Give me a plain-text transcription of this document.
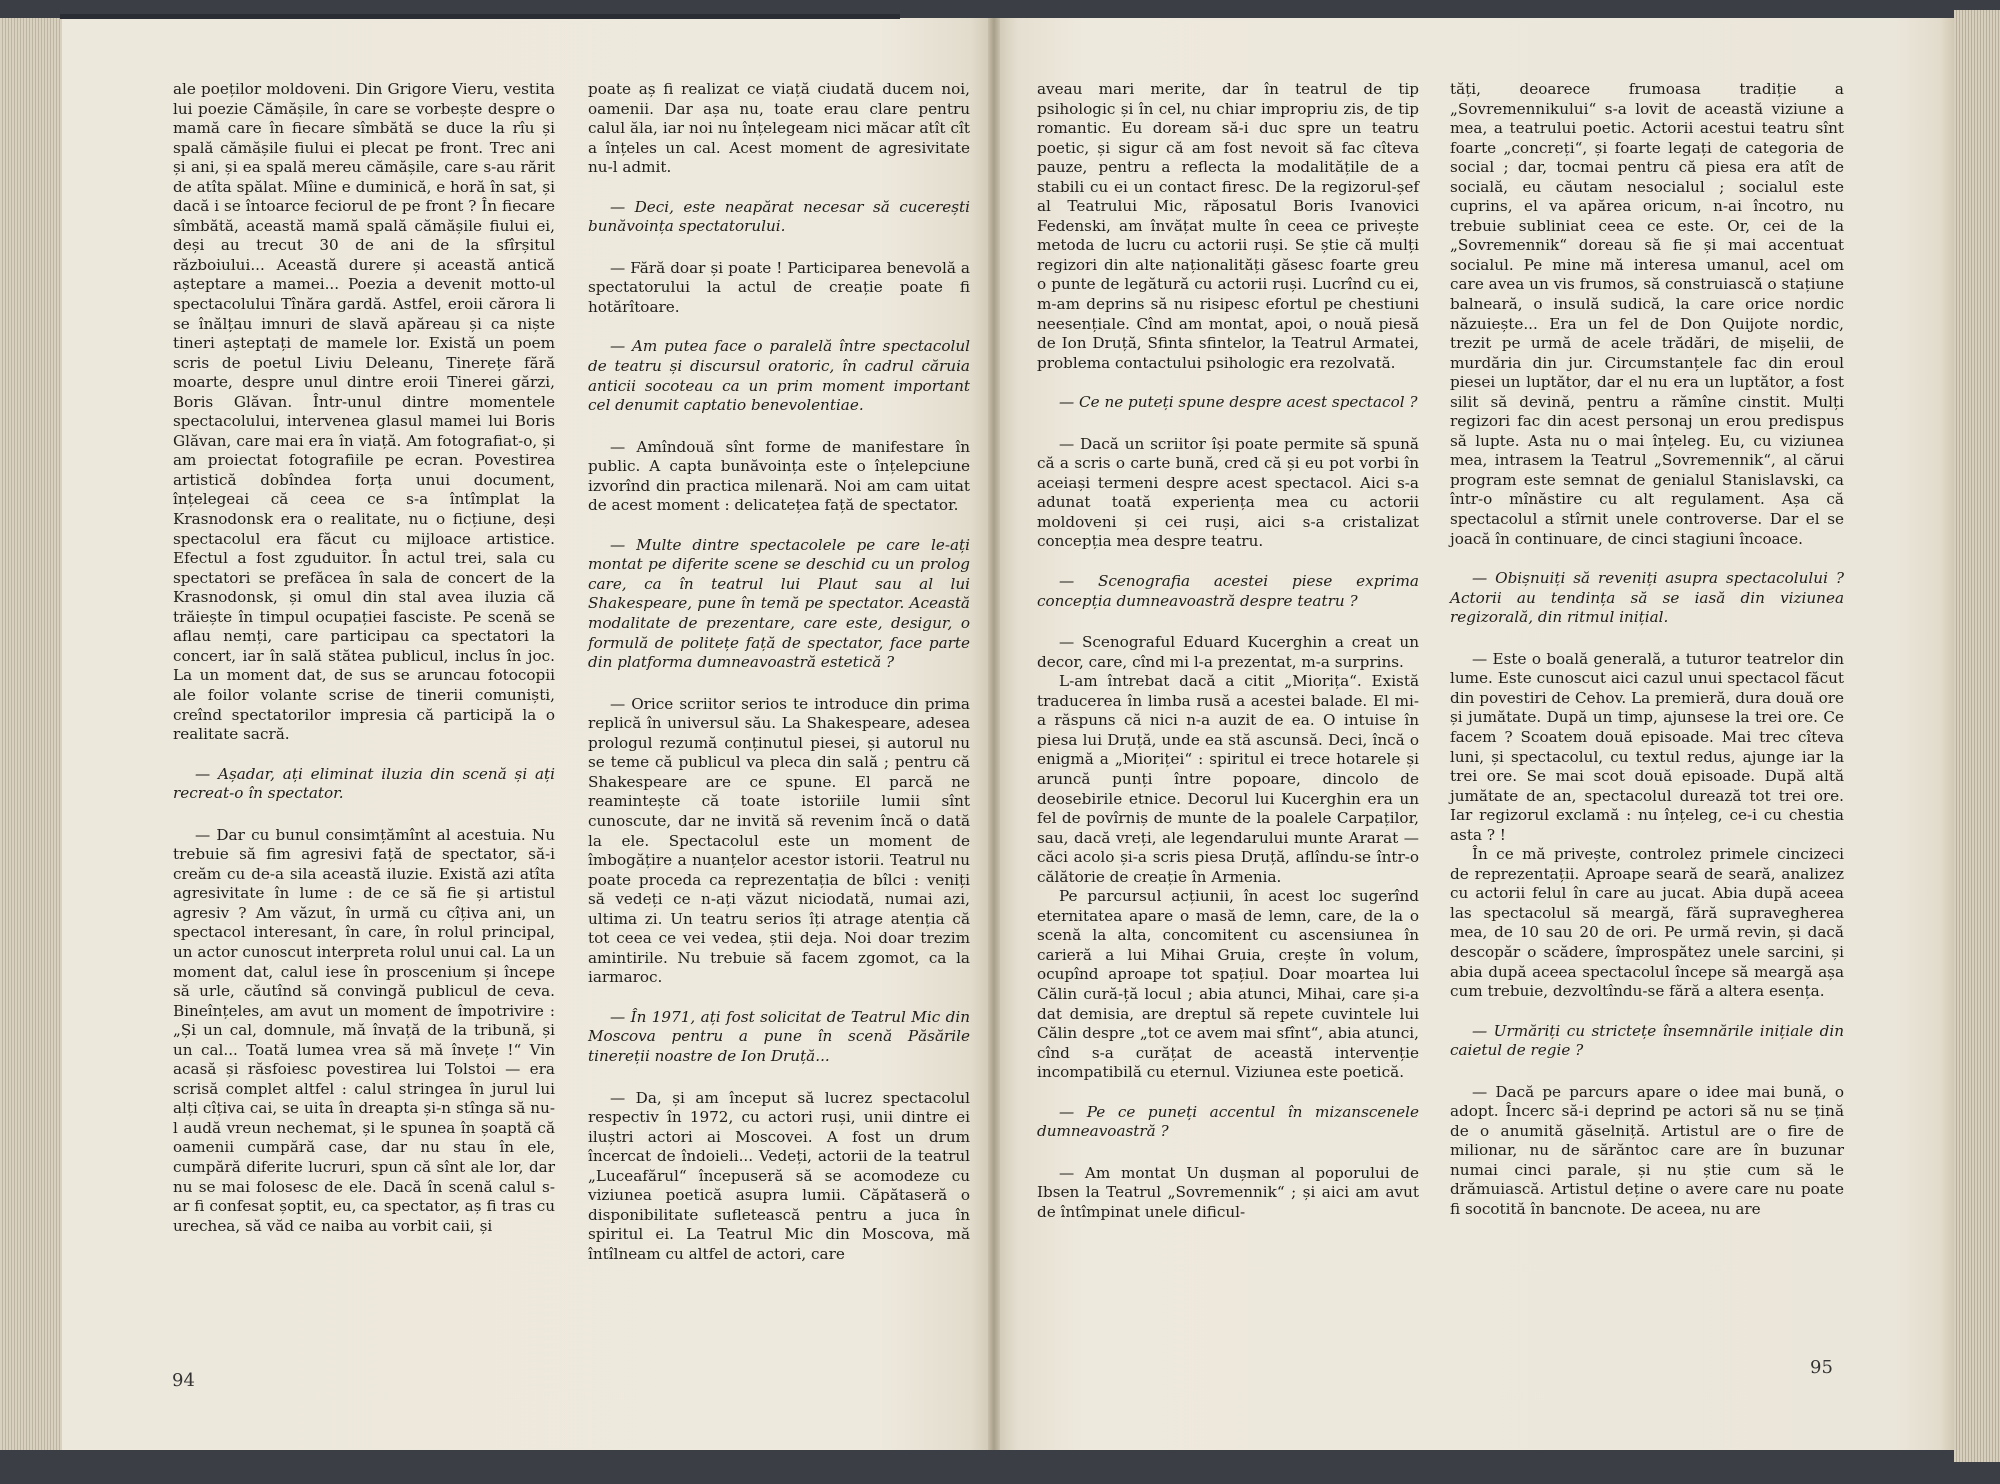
ale poeților moldoveni. Din Grigore Vieru, vestita lui poezie Cămășile, în care se vorbește despre o mamă care în fiecare sîmbătă se duce la rîu și spală cămășile fiului ei plecat pe front. Trec ani și ani, și ea spală mereu cămășile, care s-au rărit de atîta spălat. Mîine e duminică, e horă în sat, și dacă i se întoarce feciorul de pe front ? În fiecare sîmbătă, această mamă spală cămășile fiului ei, deși au trecut 30 de ani de la sfîrșitul războiului... Această durere și această antică așteptare a mamei... Poezia a devenit motto-ul spectacolului Tînăra gardă. Astfel, eroii cărora li se înălțau imnuri de slavă apăreau și ca niște tineri așteptați de mamele lor. Există un poem scris de poetul Liviu Deleanu, Tinerețe fără moarte, despre unul dintre eroii Tinerei gărzi, Boris Glăvan. Într-unul dintre momentele spectacolului, intervenea glasul mamei lui Boris Glăvan, care mai era în viață. Am fotografiat-o, și am proiectat fotografiile pe ecran. Povestirea artistică dobîndea forța unui document, înțelegeai că ceea ce s-a întîmplat la Krasnodonsk era o realitate, nu o ficțiune, deși spectacolul era făcut cu mijloace artistice. Efectul a fost zguduitor. În actul trei, sala cu spectatori se prefăcea în sala de concert de la Krasnodonsk, și omul din stal avea iluzia că trăiește în timpul ocupației fasciste. Pe scenă se aflau nemți, care participau ca spectatori la concert, iar în sală stătea publicul, inclus în joc. La un moment dat, de sus se aruncau fotocopii ale foilor volante scrise de tinerii comuniști, creînd spectatorilor impresia că participă la o realitate sacră.

— Așadar, ați eliminat iluzia din scenă și ați recreat-o în spectator.

— Dar cu bunul consimțămînt al acestuia. Nu trebuie să fim agresivi față de spectator, să-i creăm cu de-a sila această iluzie. Există azi atîta agresivitate în lume : de ce să fie și artistul agresiv ? Am văzut, în urmă cu cîțiva ani, un spectacol interesant, în care, în rolul principal, un actor cunoscut interpreta rolul unui cal. La un moment dat, calul iese în proscenium și începe să urle, căutînd să convingă publicul de ceva. Bineînțeles, am avut un moment de împotrivire : „Și un cal, domnule, mă învață de la tribună, și un cal... Toată lumea vrea să mă învețe !“ Vin acasă și răsfoiesc povestirea lui Tolstoi — era scrisă complet altfel : calul stringea în jurul lui alți cîțiva cai, se uita în dreapta și-n stînga să nu-l audă vreun nechemat, și le spunea în șoaptă că oamenii cumpără case, dar nu stau în ele, cumpără diferite lucruri, spun că sînt ale lor, dar nu se mai folosesc de ele. Dacă în scenă calul s-ar fi confesat șoptit, eu, ca spectator, aș fi tras cu urechea, să văd ce naiba au vorbit caii, și

poate aș fi realizat ce viață ciudată ducem noi, oamenii. Dar așa nu, toate erau clare pentru calul ăla, iar noi nu înțelegeam nici măcar atît cît a înțeles un cal. Acest moment de agresivitate nu-l admit.

— Deci, este neapărat necesar să cucerești bunăvoința spectatorului.

— Fără doar și poate ! Participarea benevolă a spectatorului la actul de creație poate fi hotărîtoare.

— Am putea face o paralelă între spectacolul de teatru și discursul oratoric, în cadrul căruia anticii socoteau ca un prim moment important cel denumit captatio benevolentiae.

— Amîndouă sînt forme de manifestare în public. A capta bunăvoința este o înțelepciune izvorînd din practica milenară. Noi am cam uitat de acest moment : delicatețea față de spectator.

— Multe dintre spectacolele pe care le-ați montat pe diferite scene se deschid cu un prolog care, ca în teatrul lui Plaut sau al lui Shakespeare, pune în temă pe spectator. Această modalitate de prezentare, care este, desigur, o formulă de politețe față de spectator, face parte din platforma dumneavoastră estetică ?

— Orice scriitor serios te introduce din prima replică în universul său. La Shakespeare, adesea prologul rezumă conținutul piesei, și autorul nu se teme că publicul va pleca din sală ; pentru că Shakespeare are ce spune. El parcă ne reamintește că toate istoriile lumii sînt cunoscute, dar ne invită să revenim încă o dată la ele. Spectacolul este un moment de îmbogățire a nuanțelor acestor istorii. Teatrul nu poate proceda ca reprezentația de bîlci : veniți să vedeți ce n-ați văzut niciodată, numai azi, ultima zi. Un teatru serios îți atrage atenția că tot ceea ce vei vedea, știi deja. Noi doar trezim amintirile. Nu trebuie să facem zgomot, ca la iarmaroc.

— În 1971, ați fost solicitat de Teatrul Mic din Moscova pentru a pune în scenă Păsările tinereții noastre de Ion Druță...

— Da, și am început să lucrez spectacolul respectiv în 1972, cu actori ruși, unii dintre ei iluștri actori ai Moscovei. A fost un drum încercat de îndoieli... Vedeți, actorii de la teatrul „Luceafărul“ începuseră să se acomodeze cu viziunea poetică asupra lumii. Căpătaseră o disponibilitate sufletească pentru a juca în spiritul ei. La Teatrul Mic din Moscova, mă întîlneam cu altfel de actori, care

aveau mari merite, dar în teatrul de tip psihologic și în cel, nu chiar impropriu zis, de tip romantic. Eu doream să-i duc spre un teatru poetic, și sigur că am fost nevoit să fac cîteva pauze, pentru a reflecta la modalitățile de a stabili cu ei un contact firesc. De la regizorul-șef al Teatrului Mic, răposatul Boris Ivanovici Fedenski, am învățat multe în ceea ce privește metoda de lucru cu actorii ruși. Se știe că mulți regizori din alte naționalități găsesc foarte greu o punte de legătură cu actorii ruși. Lucrînd cu ei, m-am deprins să nu risipesc efortul pe chestiuni neesențiale. Cînd am montat, apoi, o nouă piesă de Ion Druță, Sfinta sfintelor, la Teatrul Armatei, problema contactului psihologic era rezolvată.

— Ce ne puteți spune despre acest spectacol ?

— Dacă un scriitor își poate permite să spună că a scris o carte bună, cred că și eu pot vorbi în aceiași termeni despre acest spectacol. Aici s-a adunat toată experiența mea cu actorii moldoveni și cei ruși, aici s-a cristalizat concepția mea despre teatru.

— Scenografia acestei piese exprima concepția dumneavoastră despre teatru ?

— Scenograful Eduard Kucerghin a creat un decor, care, cînd mi l-a prezentat, m-a surprins.

L-am întrebat dacă a citit „Miorița“. Există traducerea în limba rusă a acestei balade. El mi-a răspuns că nici n-a auzit de ea. O intuise în piesa lui Druță, unde ea stă ascunsă. Deci, încă o enigmă a „Mioriței“ : spiritul ei trece hotarele și aruncă punți între popoare, dincolo de deosebirile etnice. Decorul lui Kucerghin era un fel de povîrniș de munte de la poalele Carpaților, sau, dacă vreți, ale legendarului munte Ararat — căci acolo și-a scris piesa Druță, aflîndu-se într-o călătorie de creație în Armenia.

Pe parcursul acțiunii, în acest loc sugerînd eternitatea apare o masă de lemn, care, de la o scenă la alta, concomitent cu ascensiunea în carieră a lui Mihai Gruia, crește în volum, ocupînd aproape tot spațiul. Doar moartea lui Călin cură-ță locul ; abia atunci, Mihai, care și-a dat demisia, are dreptul să repete cuvintele lui Călin despre „tot ce avem mai sfînt“, abia atunci, cînd s-a curățat de această intervenție incompatibilă cu eternul. Viziunea este poetică.

— Pe ce puneți accentul în mizanscenele dumneavoastră ?

— Am montat Un dușman al poporului de Ibsen la Teatrul „Sovremennik“ ; și aici am avut de întîmpinat unele dificul-

tăți, deoarece frumoasa tradiție a „Sovremennikului“ s-a lovit de această viziune a mea, a teatrului poetic. Actorii acestui teatru sînt foarte „concreți“, și foarte legați de categoria de social ; dar, tocmai pentru că piesa era atît de socială, eu căutam nesocialul ; socialul este cuprins, el va apărea oricum, n-ai încotro, nu trebuie subliniat ceea ce este. Or, cei de la „Sovremennik“ doreau să fie și mai accentuat socialul. Pe mine mă interesa umanul, acel om care avea un vis frumos, să construiască o stațiune balneară, o insulă sudică, la care orice nordic năzuiește... Era un fel de Don Quijote nordic, trezit pe urmă de acele trădări, de mișelii, de murdăria din jur. Circumstanțele fac din eroul piesei un luptător, dar el nu era un luptător, a fost silit să devină, pentru a rămîne cinstit. Mulți regizori fac din acest personaj un erou predispus să lupte. Asta nu o mai înțeleg. Eu, cu viziunea mea, intrasem la Teatrul „Sovremennik“, al cărui program este semnat de genialul Stanislavski, ca într-o mînăstire cu alt regulament. Așa că spectacolul a stîrnit unele controverse. Dar el se joacă în continuare, de cinci stagiuni încoace.

— Obișnuiți să reveniți asupra spectacolului ? Actorii au tendința să se iasă din viziunea regizorală, din ritmul inițial.

— Este o boală generală, a tuturor teatrelor din lume. Este cunoscut aici cazul unui spectacol făcut din povestiri de Cehov. La premieră, dura două ore și jumătate. După un timp, ajunsese la trei ore. Ce facem ? Scoatem două episoade. Mai trec cîteva luni, și spectacolul, cu textul redus, ajunge iar la trei ore. Se mai scot două episoade. După altă jumătate de an, spectacolul durează tot trei ore. Iar regizorul exclamă : nu înțeleg, ce-i cu chestia asta ? !

În ce mă privește, controlez primele cincizeci de reprezentații. Aproape seară de seară, analizez cu actorii felul în care au jucat. Abia după aceea las spectacolul să meargă, fără supravegherea mea, de 10 sau 20 de ori. Pe urmă revin, și dacă descopăr o scădere, împrospătez unele sarcini, și abia după aceea spectacolul începe să meargă așa cum trebuie, dezvoltîndu-se fără a altera esența.

— Urmăriți cu strictețe însemnările inițiale din caietul de regie ?

— Dacă pe parcurs apare o idee mai bună, o adopt. Încerc să-i deprind pe actori să nu se țină de o anumită găselniță. Artistul are o fire de milionar, nu de sărăntoc care are în buzunar numai cinci parale, și nu știe cum să le drămuiască. Artistul deține o avere care nu poate fi socotită în bancnote. De aceea, nu are

94
95
